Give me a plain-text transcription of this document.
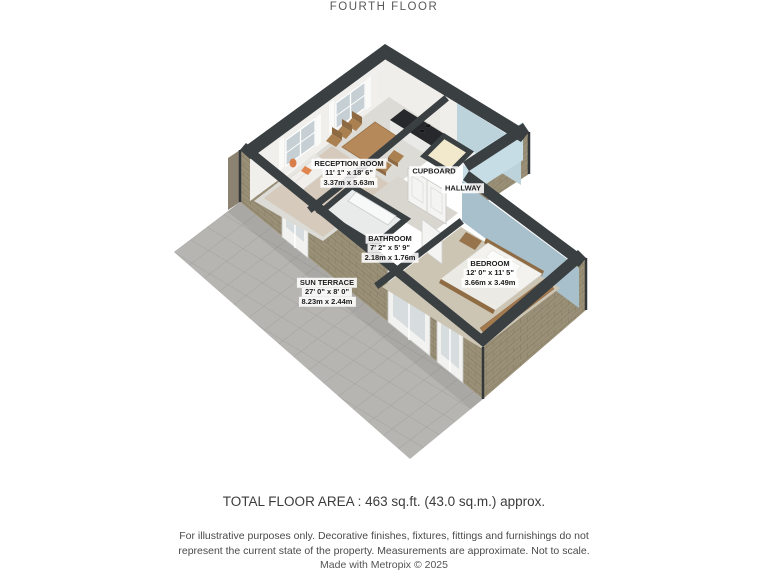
FOURTH FLOOR
RECEPTION ROOM
11' 1" x 18' 6"
3.37m x 5.63m
CUPBOARD
HALLWAY
BATHROOM
7' 2" x 5' 9"
2.18m x 1.76m
BEDROOM
12' 0" x 11' 5"
3.66m x 3.49m
SUN TERRACE
27' 0" x 8' 0"
8.23m x 2.44m
TOTAL FLOOR AREA : 463 sq.ft. (43.0 sq.m.) approx.
For illustrative purposes only. Decorative finishes, fixtures, fittings and furnishings do not
represent the current state of the property. Measurements are approximate. Not to scale.
Made with Metropix © 2025
